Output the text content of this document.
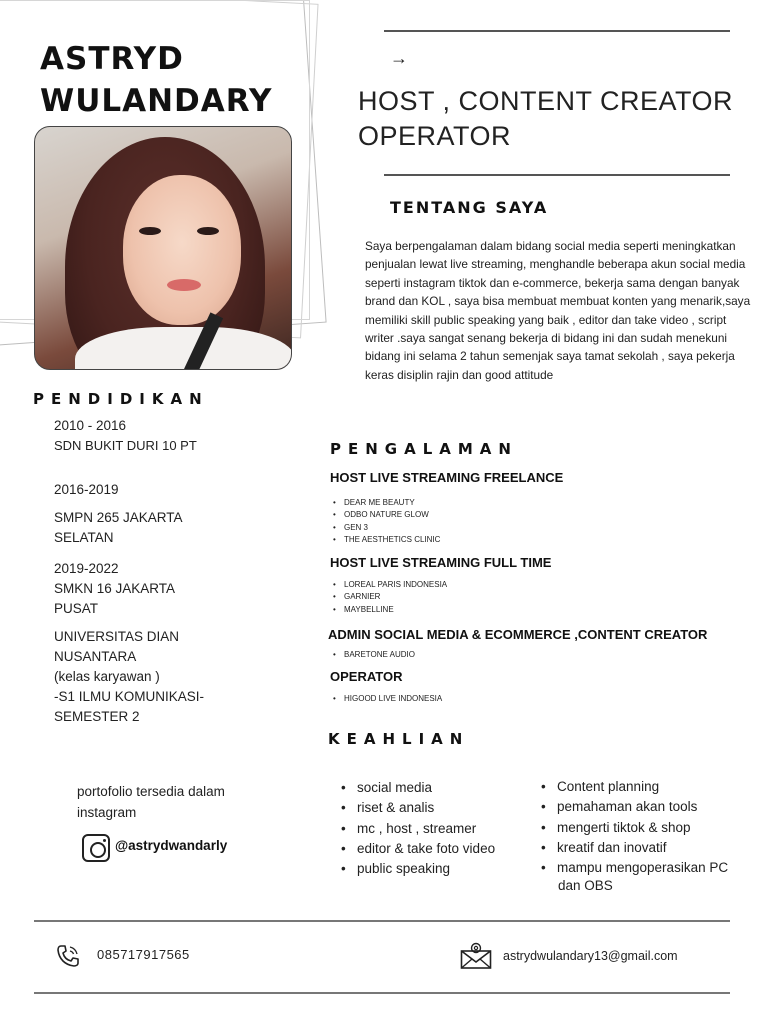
ASTRYD
WULANDARY
→
HOST , CONTENT CREATOR
OPERATOR
TENTANG SAYA
Saya berpengalaman dalam bidang social media seperti meningkatkan penjualan lewat live streaming, menghandle beberapa akun social media seperti instagram tiktok dan e-commerce, bekerja sama dengan banyak brand dan KOL , saya bisa membuat membuat konten yang menarik,saya memiliki skill public speaking yang baik , editor dan take video , script writer .saya sangat senang bekerja di bidang ini dan sudah menekuni bidang ini selama 2 tahun semenjak saya tamat sekolah , saya pekerja keras disiplin rajin dan good attitude
PENDIDIKAN
2010 - 2016
SDN BUKIT DURI 10 PT
2016-2019
SMPN 265 JAKARTA
SELATAN
2019-2022
SMKN 16 JAKARTA
PUSAT
UNIVERSITAS DIAN
NUSANTARA
(kelas karyawan )
-S1 ILMU KOMUNIKASI-
SEMESTER 2
PENGALAMAN
HOST LIVE STREAMING FREELANCE
• DEAR ME BEAUTY
• ODBO NATURE GLOW
• GEN 3
• THE AESTHETICS CLINIC
HOST LIVE STREAMING FULL TIME
• LOREAL PARIS INDONESIA
• GARNIER
• MAYBELLINE
ADMIN SOCIAL MEDIA & ECOMMERCE ,CONTENT CREATOR
• BARETONE AUDIO
OPERATOR
• HIGOOD LIVE INDONESIA
KEAHLIAN
• social media
• riset & analis
• mc , host , streamer
• editor & take foto video
• public speaking
• Content planning
• pemahaman akan tools
• mengerti tiktok & shop
• kreatif dan inovatif
• mampu mengoperasikan PC
dan OBS
portofolio tersedia dalam
instagram
@astrydwandarly
085717917565	astrydwulandary13@gmail.com
